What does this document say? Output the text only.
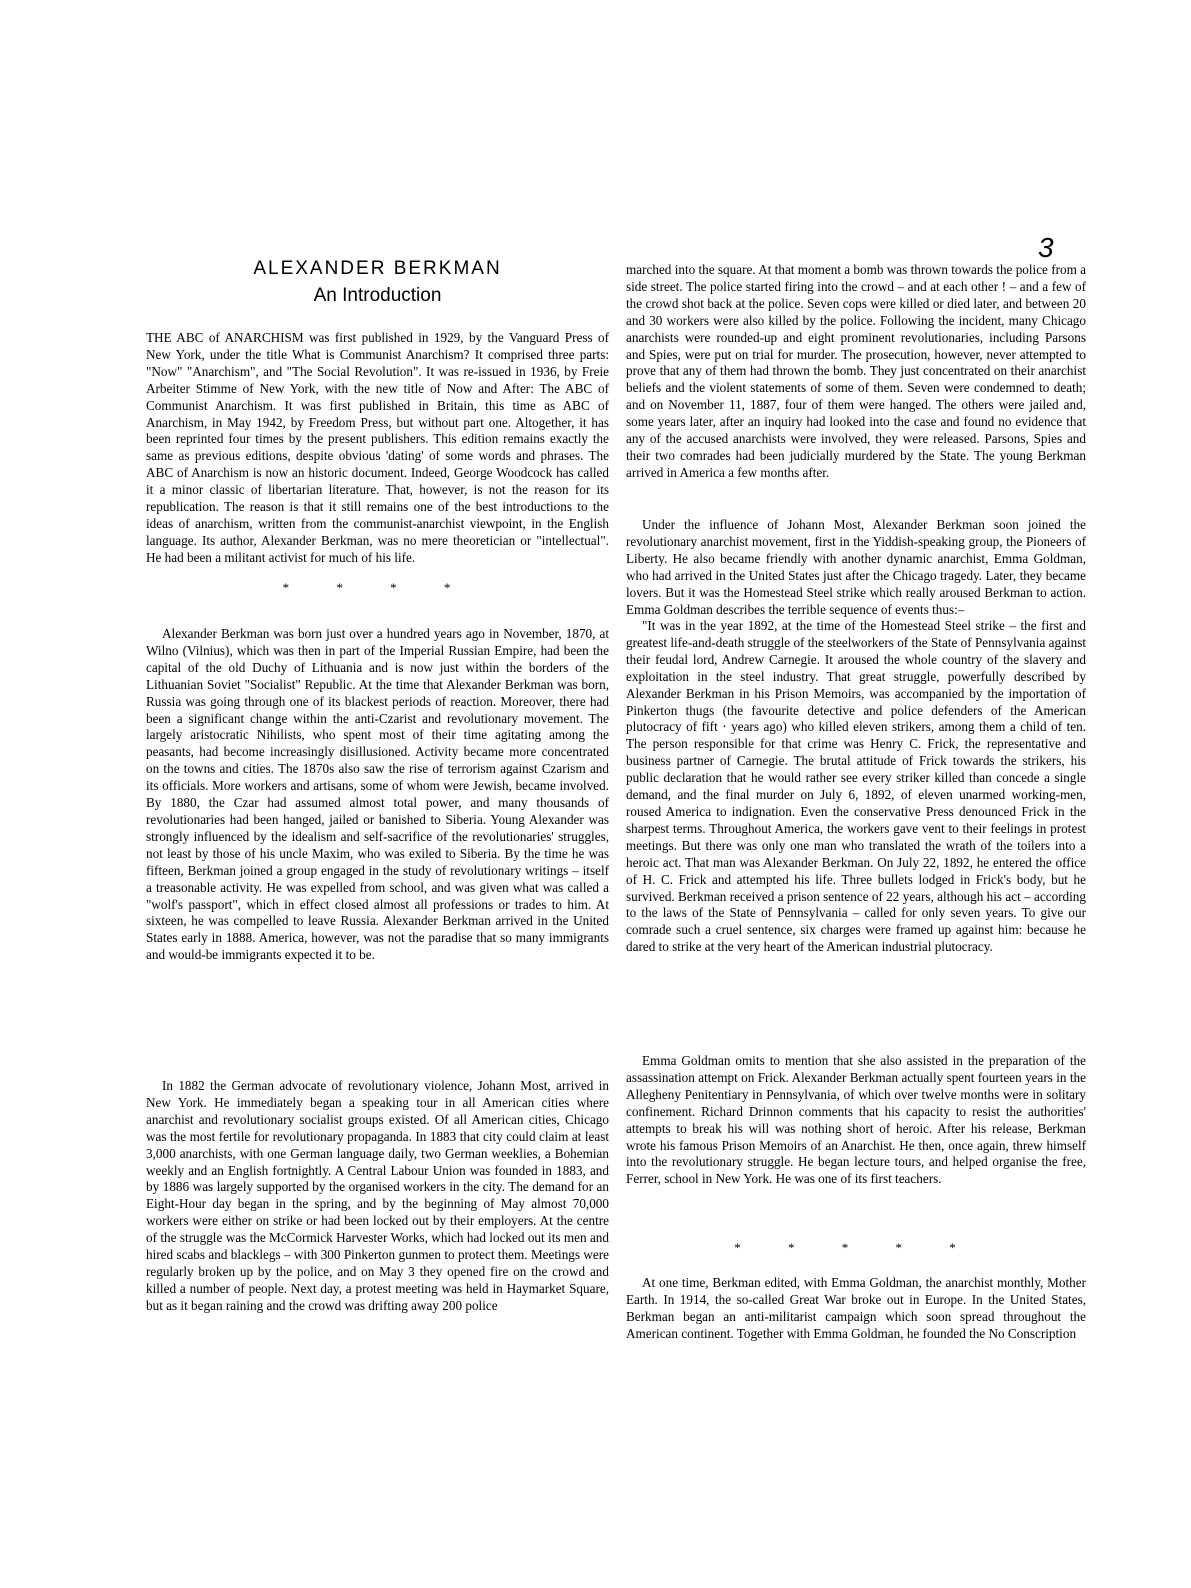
3
ALEXANDER BERKMAN
An Introduction

THE ABC of ANARCHISM was first published in 1929, by the Vanguard Press of New York, under the title What is Communist Anarchism? It comprised three parts: "Now" "Anarchism", and "The Social Revolution". It was re-issued in 1936, by Freie Arbeiter Stimme of New York, with the new title of Now and After: The ABC of Communist Anarchism. It was first published in Britain, this time as ABC of Anarchism, in May 1942, by Freedom Press, but without part one. Altogether, it has been reprinted four times by the present publishers. This edition remains exactly the same as previous editions, despite obvious 'dating' of some words and phrases. The ABC of Anarchism is now an historic document. Indeed, George Woodcock has called it a minor classic of libertarian literature. That, however, is not the reason for its republication. The reason is that it still remains one of the best introductions to the ideas of anarchism, written from the communist-anarchist viewpoint, in the English language. Its author, Alexander Berkman, was no mere theoretician or "intellectual". He had been a militant activist for much of his life.

* * * *

Alexander Berkman was born just over a hundred years ago in November, 1870, at Wilno (Vilnius), which was then in part of the Imperial Russian Empire, had been the capital of the old Duchy of Lithuania and is now just within the borders of the Lithuanian Soviet "Socialist" Republic. At the time that Alexander Berkman was born, Russia was going through one of its blackest periods of reaction. Moreover, there had been a significant change within the anti-Czarist and revolutionary movement. The largely aristocratic Nihilists, who spent most of their time agitating among the peasants, had become increasingly disillusioned. Activity became more concentrated on the towns and cities. The 1870s also saw the rise of terrorism against Czarism and its officials. More workers and artisans, some of whom were Jewish, became involved. By 1880, the Czar had assumed almost total power, and many thousands of revolutionaries had been hanged, jailed or banished to Siberia. Young Alexander was strongly influenced by the idealism and self-sacrifice of the revolutionaries' struggles, not least by those of his uncle Maxim, who was exiled to Siberia. By the time he was fifteen, Berkman joined a group engaged in the study of revolutionary writings – itself a treasonable activity. He was expelled from school, and was given what was called a "wolf's passport", which in effect closed almost all professions or trades to him. At sixteen, he was compelled to leave Russia. Alexander Berkman arrived in the United States early in 1888. America, however, was not the paradise that so many immigrants and would-be immigrants expected it to be.

In 1882 the German advocate of revolutionary violence, Johann Most, arrived in New York. He immediately began a speaking tour in all American cities where anarchist and revolutionary socialist groups existed. Of all American cities, Chicago was the most fertile for revolutionary propaganda. In 1883 that city could claim at least 3,000 anarchists, with one German language daily, two German weeklies, a Bohemian weekly and an English fortnightly. A Central Labour Union was founded in 1883, and by 1886 was largely supported by the organised workers in the city. The demand for an Eight-Hour day began in the spring, and by the beginning of May almost 70,000 workers were either on strike or had been locked out by their employers. At the centre of the struggle was the McCormick Harvester Works, which had locked out its men and hired scabs and blacklegs – with 300 Pinkerton gunmen to protect them. Meetings were regularly broken up by the police, and on May 3 they opened fire on the crowd and killed a number of people. Next day, a protest meeting was held in Haymarket Square, but as it began raining and the crowd was drifting away 200 police

marched into the square. At that moment a bomb was thrown towards the police from a side street. The police started firing into the crowd – and at each other ! – and a few of the crowd shot back at the police. Seven cops were killed or died later, and between 20 and 30 workers were also killed by the police. Following the incident, many Chicago anarchists were rounded-up and eight prominent revolutionaries, including Parsons and Spies, were put on trial for murder. The prosecution, however, never attempted to prove that any of them had thrown the bomb. They just concentrated on their anarchist beliefs and the violent statements of some of them. Seven were condemned to death; and on November 11, 1887, four of them were hanged. The others were jailed and, some years later, after an inquiry had looked into the case and found no evidence that any of the accused anarchists were involved, they were released. Parsons, Spies and their two comrades had been judicially murdered by the State. The young Berkman arrived in America a few months after.

Under the influence of Johann Most, Alexander Berkman soon joined the revolutionary anarchist movement, first in the Yiddish-speaking group, the Pioneers of Liberty. He also became friendly with another dynamic anarchist, Emma Goldman, who had arrived in the United States just after the Chicago tragedy. Later, they became lovers. But it was the Homestead Steel strike which really aroused Berkman to action. Emma Goldman describes the terrible sequence of events thus:–

"It was in the year 1892, at the time of the Homestead Steel strike – the first and greatest life-and-death struggle of the steelworkers of the State of Pennsylvania against their feudal lord, Andrew Carnegie. It aroused the whole country of the slavery and exploitation in the steel industry. That great struggle, powerfully described by Alexander Berkman in his Prison Memoirs, was accompanied by the importation of Pinkerton thugs (the favourite detective and police defenders of the American plutocracy of fift · years ago) who killed eleven strikers, among them a child of ten. The person responsible for that crime was Henry C. Frick, the representative and business partner of Carnegie. The brutal attitude of Frick towards the strikers, his public declaration that he would rather see every striker killed than concede a single demand, and the final murder on July 6, 1892, of eleven unarmed working-men, roused America to indignation. Even the conservative Press denounced Frick in the sharpest terms. Throughout America, the workers gave vent to their feelings in protest meetings. But there was only one man who translated the wrath of the toilers into a heroic act. That man was Alexander Berkman. On July 22, 1892, he entered the office of H. C. Frick and attempted his life. Three bullets lodged in Frick's body, but he survived. Berkman received a prison sentence of 22 years, although his act – according to the laws of the State of Pennsylvania – called for only seven years. To give our comrade such a cruel sentence, six charges were framed up against him: because he dared to strike at the very heart of the American industrial plutocracy.

Emma Goldman omits to mention that she also assisted in the preparation of the assassination attempt on Frick. Alexander Berkman actually spent fourteen years in the Allegheny Penitentiary in Pennsylvania, of which over twelve months were in solitary confinement. Richard Drinnon comments that his capacity to resist the authorities' attempts to break his will was nothing short of heroic. After his release, Berkman wrote his famous Prison Memoirs of an Anarchist. He then, once again, threw himself into the revolutionary struggle. He began lecture tours, and helped organise the free, Ferrer, school in New York. He was one of its first teachers.

* * * * *

At one time, Berkman edited, with Emma Goldman, the anarchist monthly, Mother Earth. In 1914, the so-called Great War broke out in Europe. In the United States, Berkman began an anti-militarist campaign which soon spread throughout the American continent. Together with Emma Goldman, he founded the No Conscription
